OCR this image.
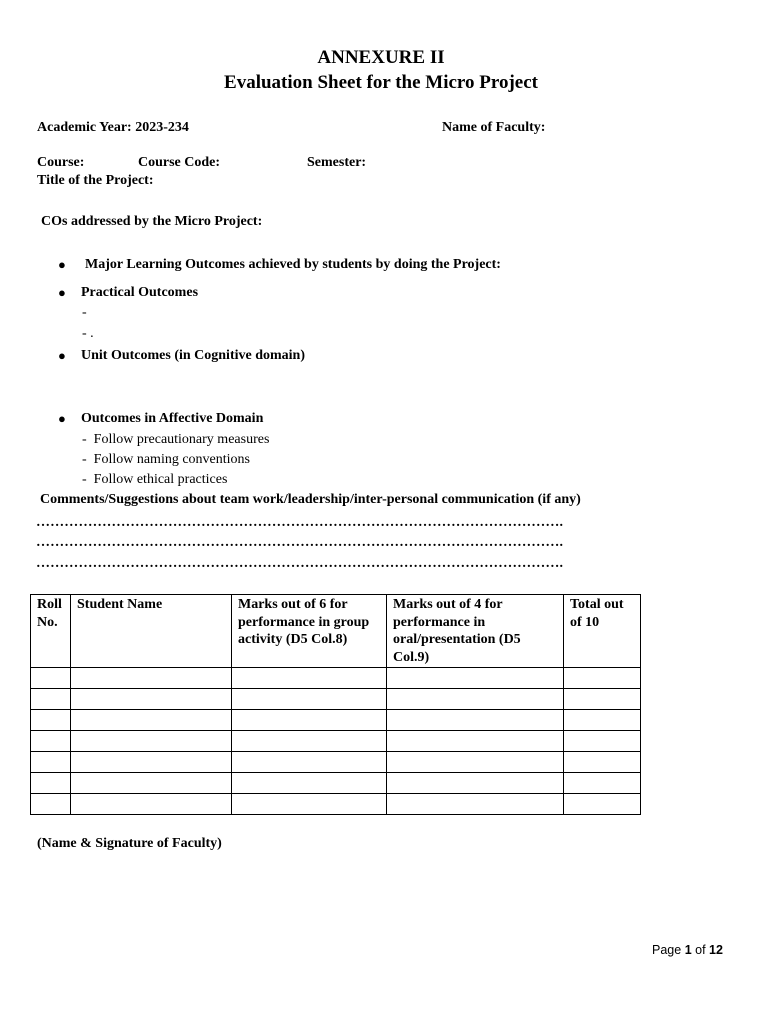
ANNEXURE II
Evaluation Sheet for the Micro Project
Academic Year: 2023-234	Name of Faculty:
Course:	Course Code:	Semester:
Title of the Project:
COs addressed by the Micro Project:
● Major Learning Outcomes achieved by students by doing the Project:
● Practical Outcomes
-
- .
● Unit Outcomes (in Cognitive domain)
● Outcomes in Affective Domain
-  Follow precautionary measures
-  Follow naming conventions
-  Follow ethical practices
Comments/Suggestions about team work/leadership/inter-personal communication (if any)
………………………………………………………………………………………………….
………………………………………………………………………………………………….
………………………………………………………………………………………………….
Roll No.	Student Name	Marks out of 6 for performance in group activity (D5 Col.8)	Marks out of 4 for performance in oral/presentation (D5 Col.9)	Total out of 10

(Name & Signature of Faculty)
Page 1 of 12
